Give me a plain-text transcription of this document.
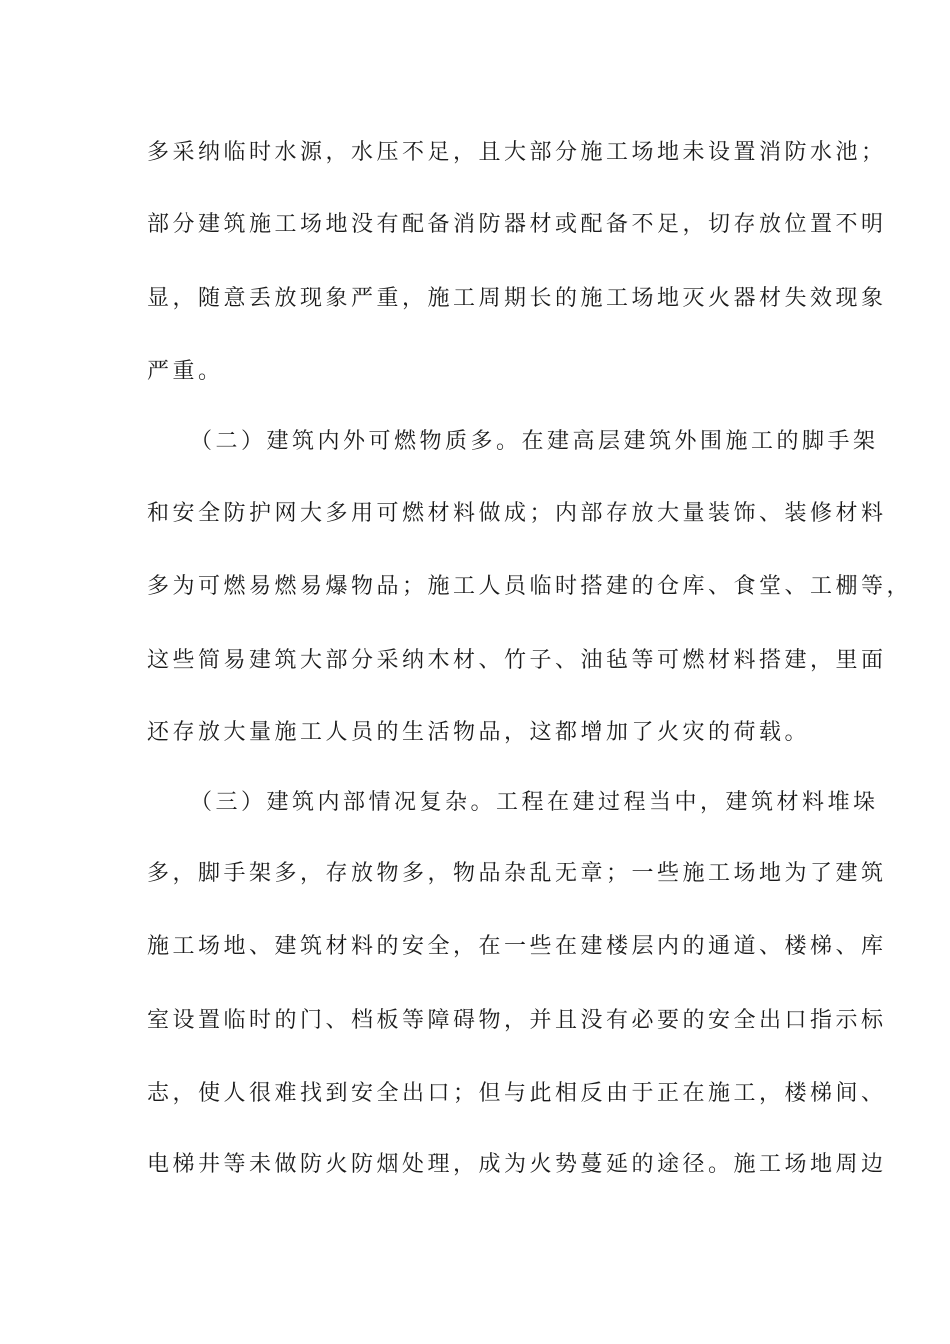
多采纳临时水源，水压不足，且大部分施工场地未设置消防水池；
部分建筑施工场地没有配备消防器材或配备不足，切存放位置不明
显，随意丢放现象严重，施工周期长的施工场地灭火器材失效现象
严重。
（二）建筑内外可燃物质多。在建高层建筑外围施工的脚手架
和安全防护网大多用可燃材料做成；内部存放大量装饰、装修材料
多为可燃易燃易爆物品；施工人员临时搭建的仓库、食堂、工棚等，
这些简易建筑大部分采纳木材、竹子、油毡等可燃材料搭建，里面
还存放大量施工人员的生活物品，这都增加了火灾的荷载。
（三）建筑内部情况复杂。工程在建过程当中，建筑材料堆垛
多，脚手架多，存放物多，物品杂乱无章；一些施工场地为了建筑
施工场地、建筑材料的安全，在一些在建楼层内的通道、楼梯、库
室设置临时的门、档板等障碍物，并且没有必要的安全出口指示标
志，使人很难找到安全出口；但与此相反由于正在施工，楼梯间、
电梯井等未做防火防烟处理，成为火势蔓延的途径。施工场地周边
